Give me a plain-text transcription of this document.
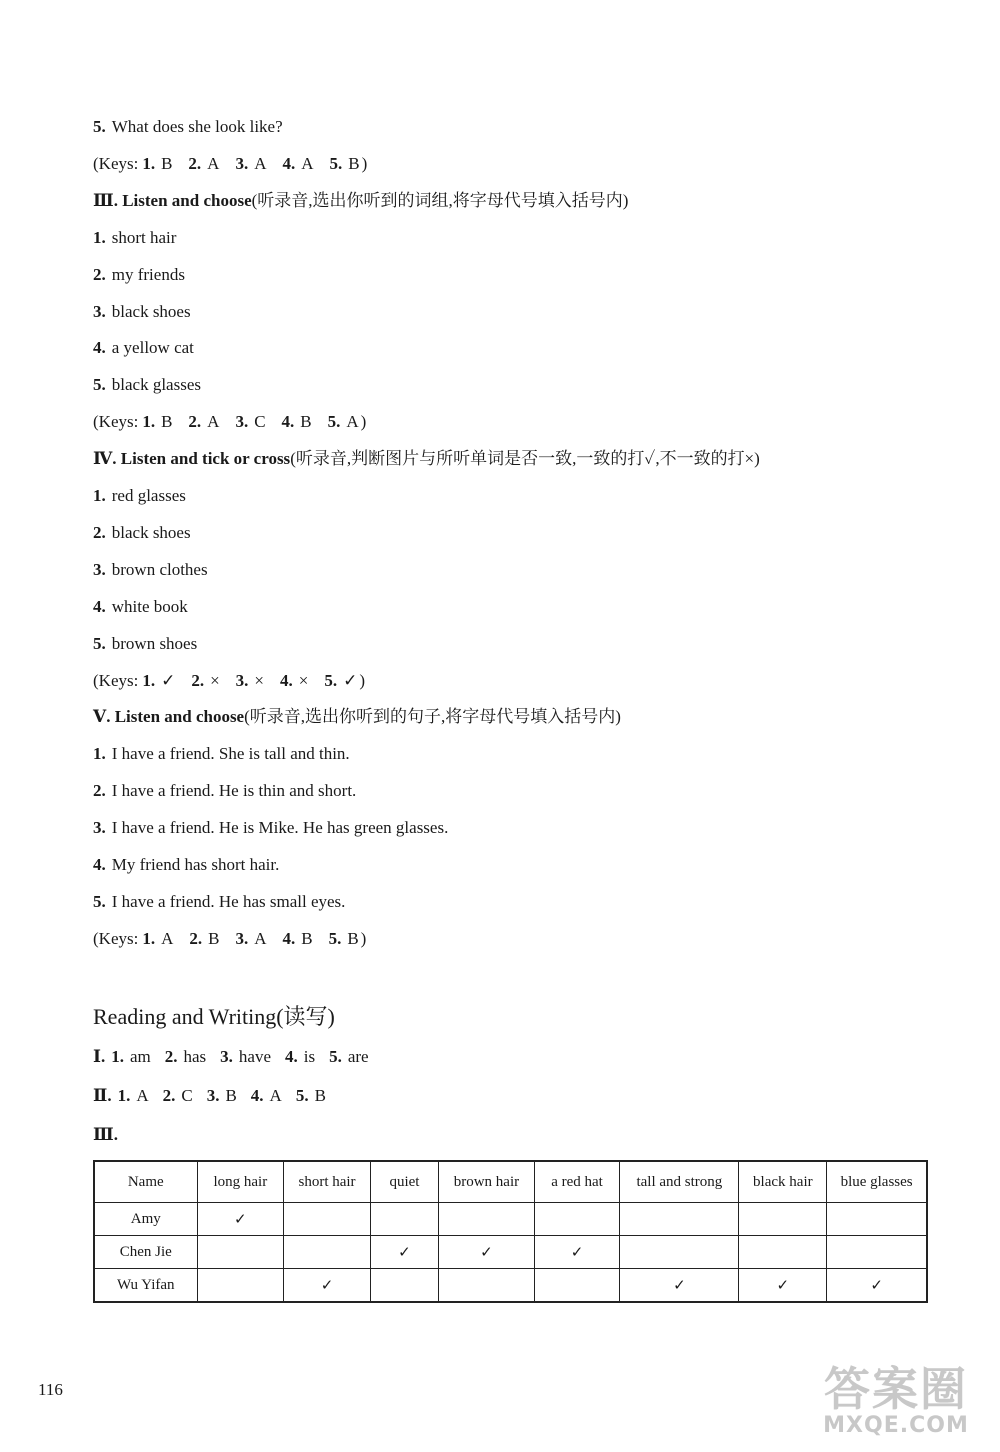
5. What does she look like?
(Keys: 1. B 2. A 3. A 4. A 5. B )
Ⅲ. Listen and choose(听录音,选出你听到的词组,将字母代号填入括号内)
1. short hair
2. my friends
3. black shoes
4. a yellow cat
5. black glasses
(Keys: 1. B 2. A 3. C 4. B 5. A )
Ⅳ. Listen and tick or cross(听录音,判断图片与所听单词是否一致,一致的打✓,不一致的打×)
1. red glasses
2. black shoes
3. brown clothes
4. white book
5. brown shoes
(Keys: 1. ✓ 2. × 3. × 4. × 5. ✓ )
Ⅴ. Listen and choose(听录音,选出你听到的句子,将字母代号填入括号内)
1. I have a friend. She is tall and thin.
2. I have a friend. He is thin and short.
3. I have a friend. He is Mike. He has green glasses.
4. My friend has short hair.
5. I have a friend. He has small eyes.
(Keys: 1. A 2. B 3. A 4. B 5. B )
Reading and Writing(读写)
Ⅰ. 1. am 2. has 3. have 4. is 5. are
Ⅱ. 1. A 2. C 3. B 4. A 5. B
Ⅲ.
Name	long hair	short hair	quiet	brown hair	a red hat	tall and strong	black hair	blue glasses
Amy	✓							
Chen Jie			✓	✓	✓			
Wu Yifan		✓				✓	✓	✓
116	答案圈
MXQE.COM
